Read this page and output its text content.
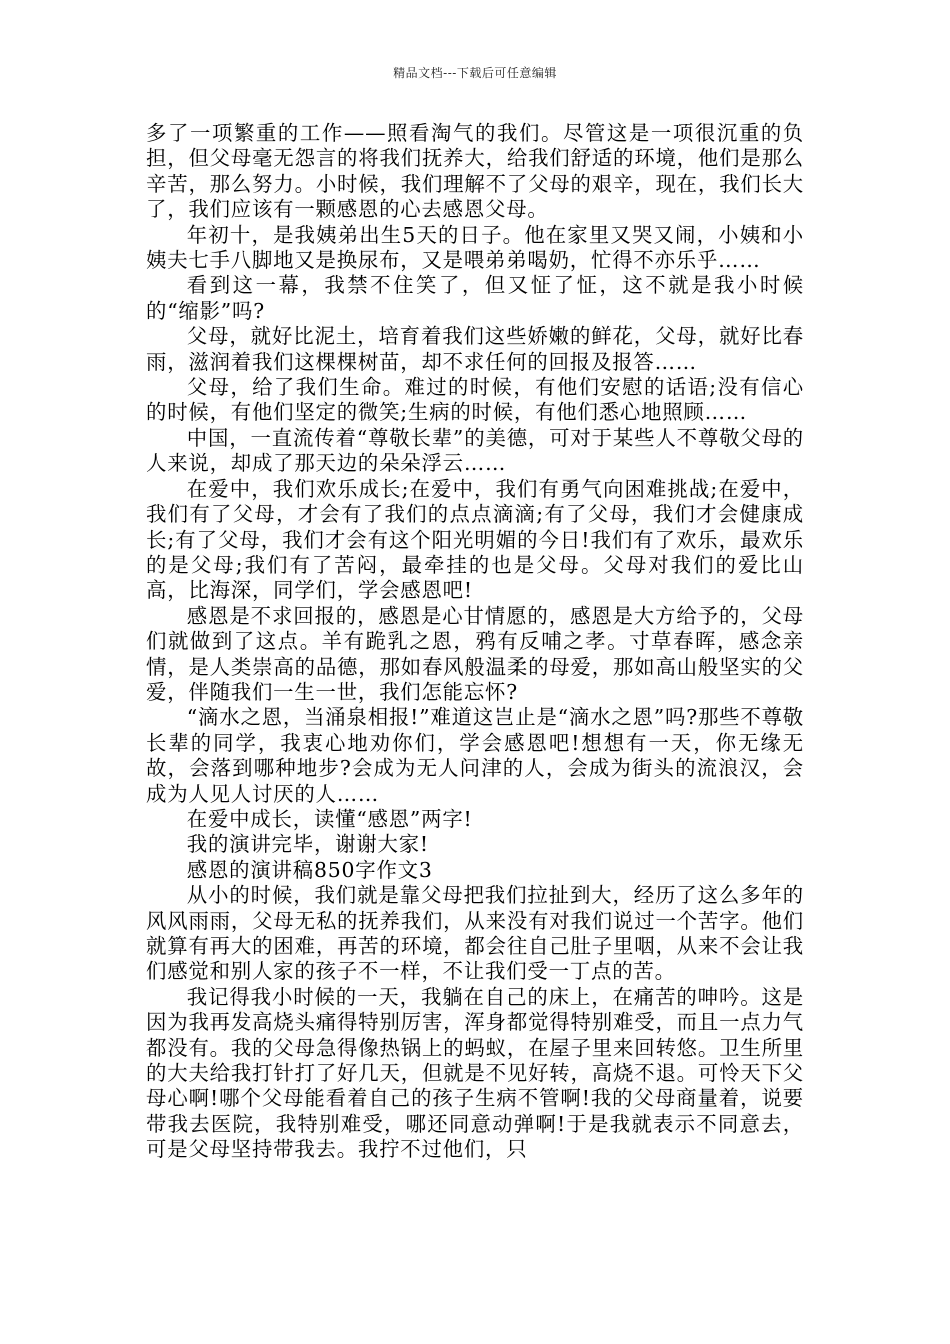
精品文档---下载后可任意编辑

多了一项繁重的工作——照看淘气的我们。尽管这是一项很沉重的负担，但父母毫无怨言的将我们抚养大，给我们舒适的环境，他们是那么辛苦，那么努力。小时候，我们理解不了父母的艰辛，现在，我们长大了，我们应该有一颗感恩的心去感恩父母。

年初十，是我姨弟出生5天的日子。他在家里又哭又闹，小姨和小姨夫七手八脚地又是换尿布，又是喂弟弟喝奶，忙得不亦乐乎……

看到这一幕，我禁不住笑了，但又怔了怔，这不就是我小时候的“缩影”吗?

父母，就好比泥土，培育着我们这些娇嫩的鲜花，父母，就好比春雨，滋润着我们这棵棵树苗，却不求任何的回报及报答……

父母，给了我们生命。难过的时候，有他们安慰的话语;没有信心的时候，有他们坚定的微笑;生病的时候，有他们悉心地照顾……

中国，一直流传着“尊敬长辈”的美德，可对于某些人不尊敬父母的人来说，却成了那天边的朵朵浮云……

在爱中，我们欢乐成长;在爱中，我们有勇气向困难挑战;在爱中，我们有了父母，才会有了我们的点点滴滴;有了父母，我们才会健康成长;有了父母，我们才会有这个阳光明媚的今日!我们有了欢乐，最欢乐的是父母;我们有了苦闷，最牵挂的也是父母。父母对我们的爱比山高，比海深，同学们，学会感恩吧!

感恩是不求回报的，感恩是心甘情愿的，感恩是大方给予的，父母们就做到了这点。羊有跪乳之恩，鸦有反哺之孝。寸草春晖，感念亲情，是人类崇高的品德，那如春风般温柔的母爱，那如高山般坚实的父爱，伴随我们一生一世，我们怎能忘怀?

“滴水之恩，当涌泉相报!”难道这岂止是“滴水之恩”吗?那些不尊敬长辈的同学，我衷心地劝你们，学会感恩吧!想想有一天，你无缘无故，会落到哪种地步?会成为无人问津的人，会成为街头的流浪汉，会成为人见人讨厌的人……

在爱中成长，读懂“感恩”两字!

我的演讲完毕，谢谢大家!

感恩的演讲稿850字作文3

从小的时候，我们就是靠父母把我们拉扯到大，经历了这么多年的风风雨雨，父母无私的抚养我们，从来没有对我们说过一个苦字。他们就算有再大的困难，再苦的环境，都会往自己肚子里咽，从来不会让我们感觉和别人家的孩子不一样，不让我们受一丁点的苦。

我记得我小时候的一天，我躺在自己的床上，在痛苦的呻吟。这是因为我再发高烧头痛得特别厉害，浑身都觉得特别难受，而且一点力气都没有。我的父母急得像热锅上的蚂蚁，在屋子里来回转悠。卫生所里的大夫给我打针打了好几天，但就是不见好转，高烧不退。可怜天下父母心啊!哪个父母能看着自己的孩子生病不管啊!我的父母商量着，说要带我去医院，我特别难受，哪还同意动弹啊!于是我就表示不同意去，可是父母坚持带我去。我拧不过他们，只
